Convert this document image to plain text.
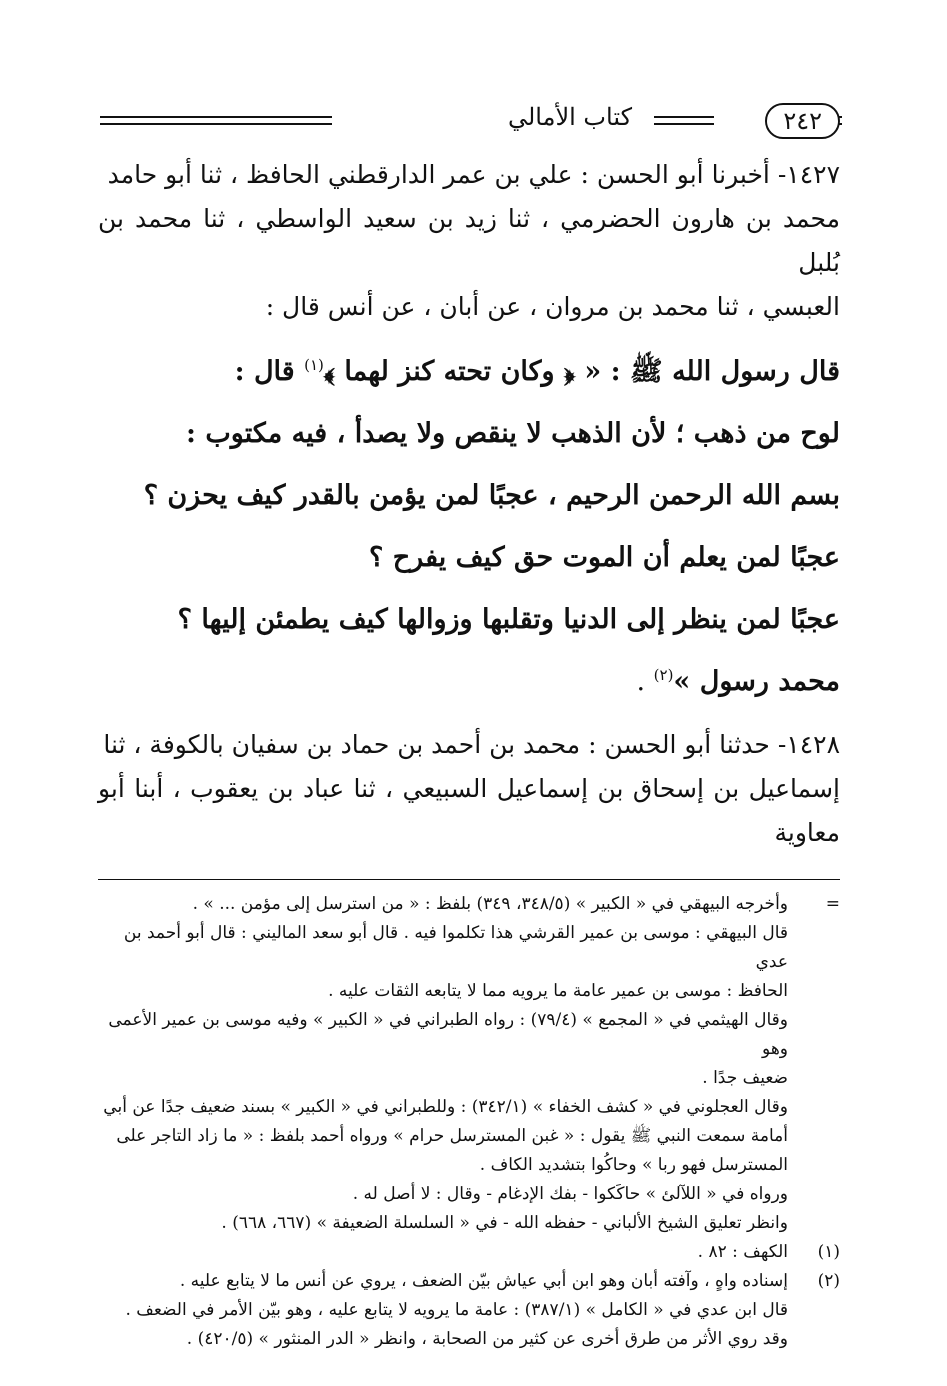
٢٤٢
كتاب الأمالي
١٤٢٧- أخبرنا أبو الحسن : علي بن عمر الدارقطني الحافظ ، ثنا أبو حامد
محمد بن هارون الحضرمي ، ثنا زيد بن سعيد الواسطي ، ثنا محمد بن بُلبل
العبسي ، ثنا محمد بن مروان ، عن أبان ، عن أنس قال :

قال رسول الله ﷺ : « ﴿ وكان تحته كنز لهما ﴾$^{(١)}$ قال :

لوح من ذهب ؛ لأن الذهب لا ينقص ولا يصدأ ، فيه مكتوب :

بسم الله الرحمن الرحيم ، عجبًا لمن يؤمن بالقدر كيف يحزن ؟

عجبًا لمن يعلم أن الموت حق كيف يفرح ؟

عجبًا لمن ينظر إلى الدنيا وتقلبها وزوالها كيف يطمئن إليها ؟

محمد رسول »$^{(٢)}$ .

١٤٢٨- حدثنا أبو الحسن : محمد بن أحمد بن حماد بن سفيان بالكوفة ، ثنا
إسماعيل بن إسحاق بن إسماعيل السبيعي ، ثنا عباد بن يعقوب ، أبنا أبو معاوية
=
وأخرجه البيهقي في « الكبير » (٣٤٨/٥، ٣٤٩) بلفظ : « من استرسل إلى مؤمن ... » .

قال البيهقي : موسى بن عمير القرشي هذا تكلموا فيه . قال أبو سعد الماليني : قال أبو أحمد بن عدي

الحافظ : موسى بن عمير عامة ما يرويه مما لا يتابعه الثقات عليه .

وقال الهيثمي في « المجمع » (٧٩/٤) : رواه الطبراني في « الكبير » وفيه موسى بن عمير الأعمى وهو

ضعيف جدًا .

وقال العجلوني في « كشف الخفاء » (٣٤٢/١) : وللطبراني في « الكبير » بسند ضعيف جدًا عن أبي

أمامة سمعت النبي ﷺ يقول : « غبن المسترسل حرام » ورواه أحمد بلفظ : « ما زاد التاجر على

المسترسل فهو ربا » وحاكُوا بتشديد الكاف .

ورواه في « اللآلئ » حاكَكوا - بفك الإدغام - وقال : لا أصل له .

وانظر تعليق الشيخ الألباني - حفظه الله - في « السلسلة الضعيفة » (٦٦٧، ٦٦٨) .

(١)
الكهف : ٨٢ .
(٢)
إسناده واهٍ ، وآفته أبان وهو ابن أبي عياش بيّن الضعف ، يروي عن أنس ما لا يتابع عليه .

قال ابن عدي في « الكامل » (٣٨٧/١) : عامة ما يرويه لا يتابع عليه ، وهو بيّن الأمر في الضعف .

وقد روي الأثر من طرق أخرى عن كثير من الصحابة ، وانظر « الدر المنثور » (٤٢٠/٥) .
